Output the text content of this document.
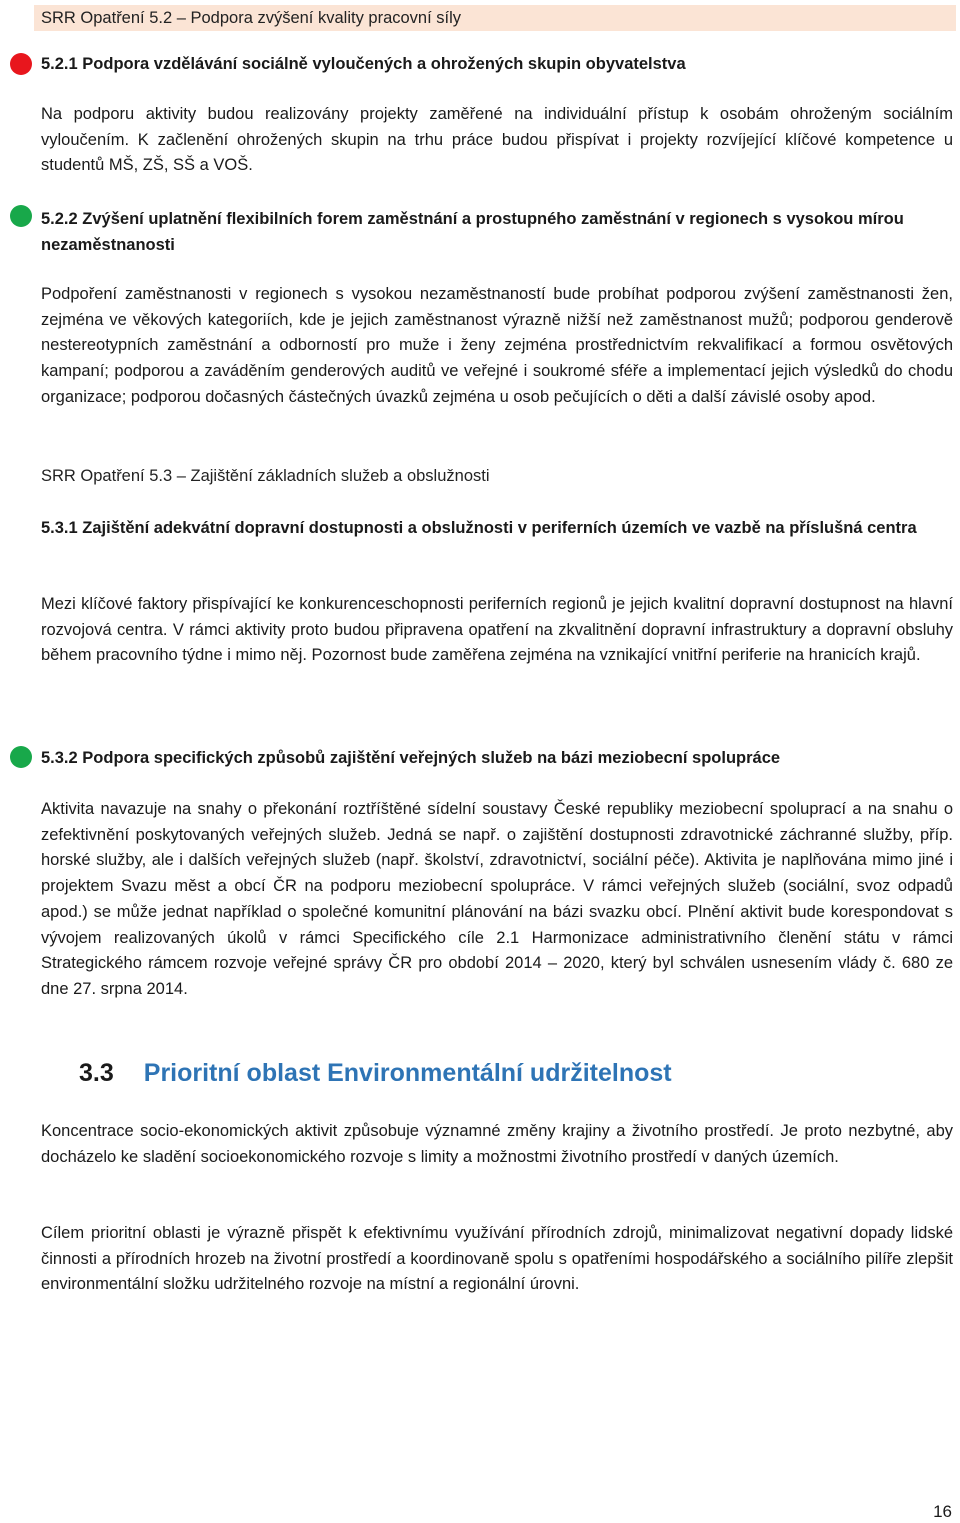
SRR Opatření 5.2 – Podpora zvýšení kvality pracovní síly
5.2.1 Podpora vzdělávání sociálně vyloučených a ohrožených skupin obyvatelstva

Na podporu aktivity budou realizovány projekty zaměřené na individuální přístup k osobám ohroženým sociálním vyloučením. K začlenění ohrožených skupin na trhu práce budou přispívat i projekty rozvíjející klíčové kompetence u studentů MŠ, ZŠ, SŠ a VOŠ.

5.2.2 Zvýšení uplatnění flexibilních forem zaměstnání a prostupného zaměstnání v regionech s vysokou mírou nezaměstnanosti

Podpoření zaměstnanosti v regionech s vysokou nezaměstnaností bude probíhat podporou zvýšení zaměstnanosti žen, zejména ve věkových kategoriích, kde je jejich zaměstnanost výrazně nižší než zaměstnanost mužů; podporou genderově nestereotypních zaměstnání a odborností pro muže i ženy zejména prostřednictvím rekvalifikací a formou osvětových kampaní; podporou a zaváděním genderových auditů ve veřejné i soukromé sféře a implementací jejich výsledků do chodu organizace; podporou dočasných částečných úvazků zejména u osob pečujících o děti a další závislé osoby apod.

SRR Opatření 5.3 – Zajištění základních služeb a obslužnosti
5.3.1 Zajištění adekvátní dopravní dostupnosti a obslužnosti v periferních územích ve vazbě na příslušná centra

Mezi klíčové faktory přispívající ke konkurenceschopnosti periferních regionů je jejich kvalitní dopravní dostupnost na hlavní rozvojová centra. V rámci aktivity proto budou připravena opatření na zkvalitnění dopravní infrastruktury a dopravní obsluhy během pracovního týdne i mimo něj. Pozornost bude zaměřena zejména na vznikající vnitřní periferie na hranicích krajů.

5.3.2 Podpora specifických způsobů zajištění veřejných služeb na bázi meziobecní spolupráce

Aktivita navazuje na snahy o překonání roztříštěné sídelní soustavy České republiky meziobecní spoluprací a na snahu o zefektivnění poskytovaných veřejných služeb. Jedná se např. o zajištění dostupnosti zdravotnické záchranné služby, příp. horské služby, ale i dalších veřejných služeb (např. školství, zdravotnictví, sociální péče). Aktivita je naplňována mimo jiné i projektem Svazu měst a obcí ČR na podporu meziobecní spolupráce. V rámci veřejných služeb (sociální, svoz odpadů apod.) se může jednat například o společné komunitní plánování na bázi svazku obcí. Plnění aktivit bude korespondovat s vývojem realizovaných úkolů v rámci Specifického cíle 2.1 Harmonizace administrativního členění státu v rámci Strategického rámcem rozvoje veřejné správy ČR pro období 2014 – 2020, který byl schválen usnesením vlády č. 680 ze dne 27. srpna 2014.

3.3 Prioritní oblast Environmentální udržitelnost

Koncentrace socio-ekonomických aktivit způsobuje významné změny krajiny a životního prostředí. Je proto nezbytné, aby docházelo ke sladění socioekonomického rozvoje s limity a možnostmi životního prostředí v daných územích.

Cílem prioritní oblasti je výrazně přispět k efektivnímu využívání přírodních zdrojů, minimalizovat negativní dopady lidské činnosti a přírodních hrozeb na životní prostředí a koordinovaně spolu s opatřeními hospodářského a sociálního pilíře zlepšit environmentální složku udržitelného rozvoje na místní a regionální úrovni.

16
